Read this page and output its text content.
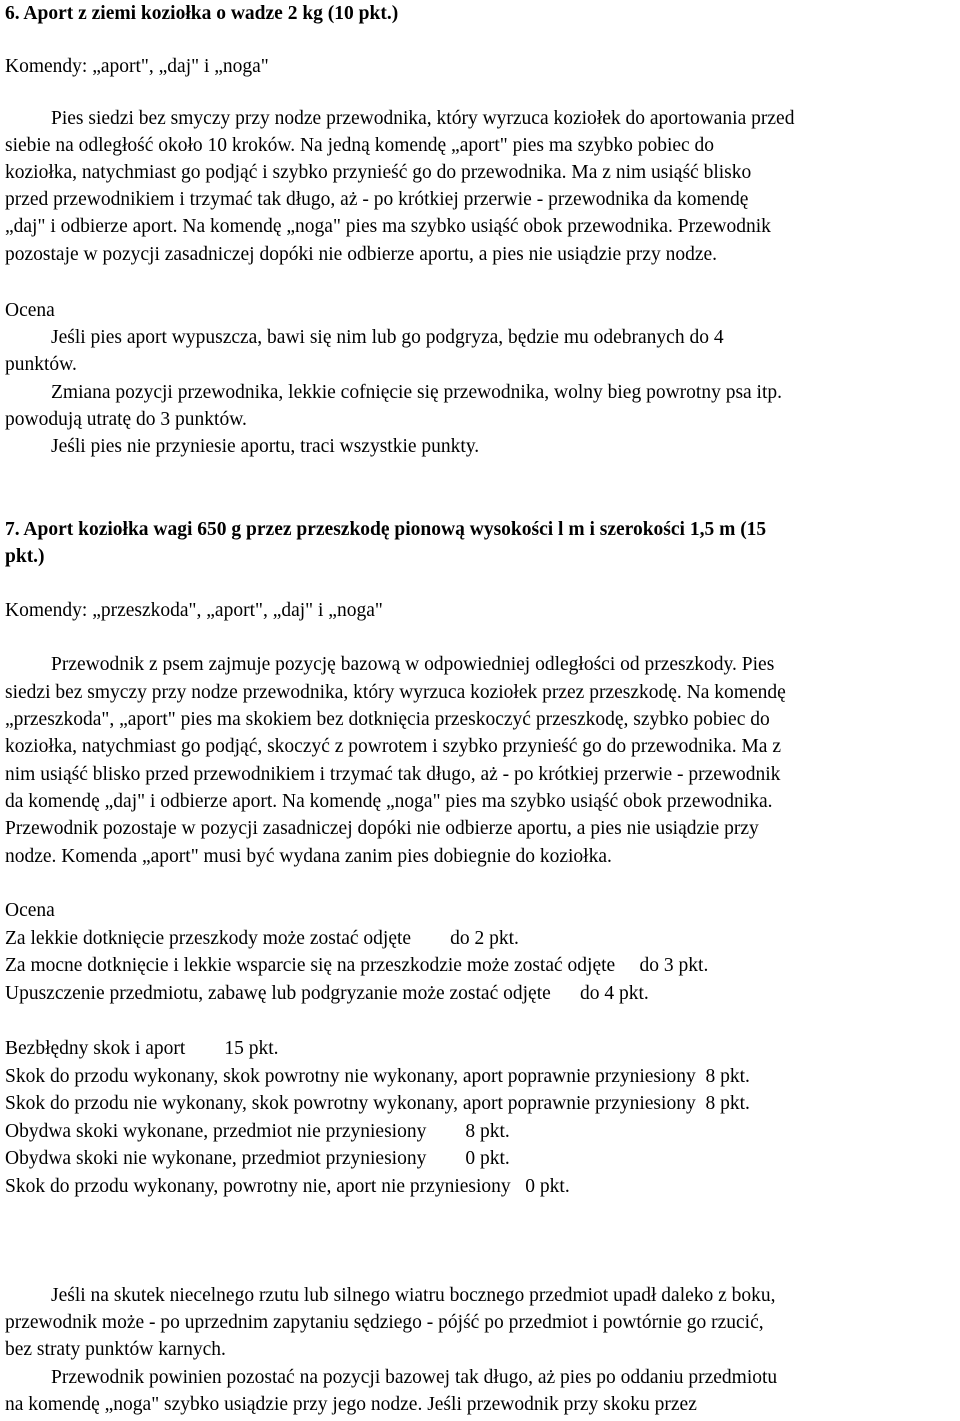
6. Aport z ziemi koziołka o wadze 2 kg (10 pkt.)

Komendy: „aport", „daj" i „noga"

Pies siedzi bez smyczy przy nodze przewodnika, który wyrzuca koziołek do aportowania przed

siebie na odległość około 10 kroków. Na jedną komendę „aport" pies ma szybko pobiec do

koziołka, natychmiast go podjąć i szybko przynieść go do przewodnika. Ma z nim usiąść blisko

przed przewodnikiem i trzymać tak długo, aż - po krótkiej przerwie - przewodnika da komendę

„daj" i odbierze aport. Na komendę „noga" pies ma szybko usiąść obok przewodnika. Przewodnik

pozostaje w pozycji zasadniczej dopóki nie odbierze aportu, a pies nie usiądzie przy nodze.

Ocena

Jeśli pies aport wypuszcza, bawi się nim lub go podgryza, będzie mu odebranych do 4

punktów.

Zmiana pozycji przewodnika, lekkie cofnięcie się przewodnika, wolny bieg powrotny psa itp.

powodują utratę do 3 punktów.

Jeśli pies nie przyniesie aportu, traci wszystkie punkty.

7. Aport koziołka wagi 650 g przez przeszkodę pionową wysokości l m i szerokości 1,5 m (15

pkt.)

Komendy: „przeszkoda", „aport", „daj" i „noga"

Przewodnik z psem zajmuje pozycję bazową w odpowiedniej odległości od przeszkody. Pies

siedzi bez smyczy przy nodze przewodnika, który wyrzuca koziołek przez przeszkodę. Na komendę

„przeszkoda", „aport" pies ma skokiem bez dotknięcia przeskoczyć przeszkodę, szybko pobiec do

koziołka, natychmiast go podjąć, skoczyć z powrotem i szybko przynieść go do przewodnika. Ma z

nim usiąść blisko przed przewodnikiem i trzymać tak długo, aż - po krótkiej przerwie - przewodnik

da komendę „daj" i odbierze aport. Na komendę „noga" pies ma szybko usiąść obok przewodnika.

Przewodnik pozostaje w pozycji zasadniczej dopóki nie odbierze aportu, a pies nie usiądzie przy

nodze. Komenda „aport" musi być wydana zanim pies dobiegnie do koziołka.

Ocena

Za lekkie dotknięcie przeszkody może zostać odjęte        do 2 pkt.

Za mocne dotknięcie i lekkie wsparcie się na przeszkodzie może zostać odjęte     do 3 pkt.

Upuszczenie przedmiotu, zabawę lub podgryzanie może zostać odjęte      do 4 pkt.

Bezbłędny skok i aport        15 pkt.

Skok do przodu wykonany, skok powrotny nie wykonany, aport poprawnie przyniesiony  8 pkt.

Skok do przodu nie wykonany, skok powrotny wykonany, aport poprawnie przyniesiony  8 pkt.

Obydwa skoki wykonane, przedmiot nie przyniesiony        8 pkt.

Obydwa skoki nie wykonane, przedmiot przyniesiony        0 pkt.

Skok do przodu wykonany, powrotny nie, aport nie przyniesiony   0 pkt.

Jeśli na skutek niecelnego rzutu lub silnego wiatru bocznego przedmiot upadł daleko z boku,

przewodnik może - po uprzednim zapytaniu sędziego - pójść po przedmiot i powtórnie go rzucić,

bez straty punktów karnych.

Przewodnik powinien pozostać na pozycji bazowej tak długo, aż pies po oddaniu przedmiotu

na komendę „noga" szybko usiądzie przy jego nodze. Jeśli przewodnik przy skoku przez
